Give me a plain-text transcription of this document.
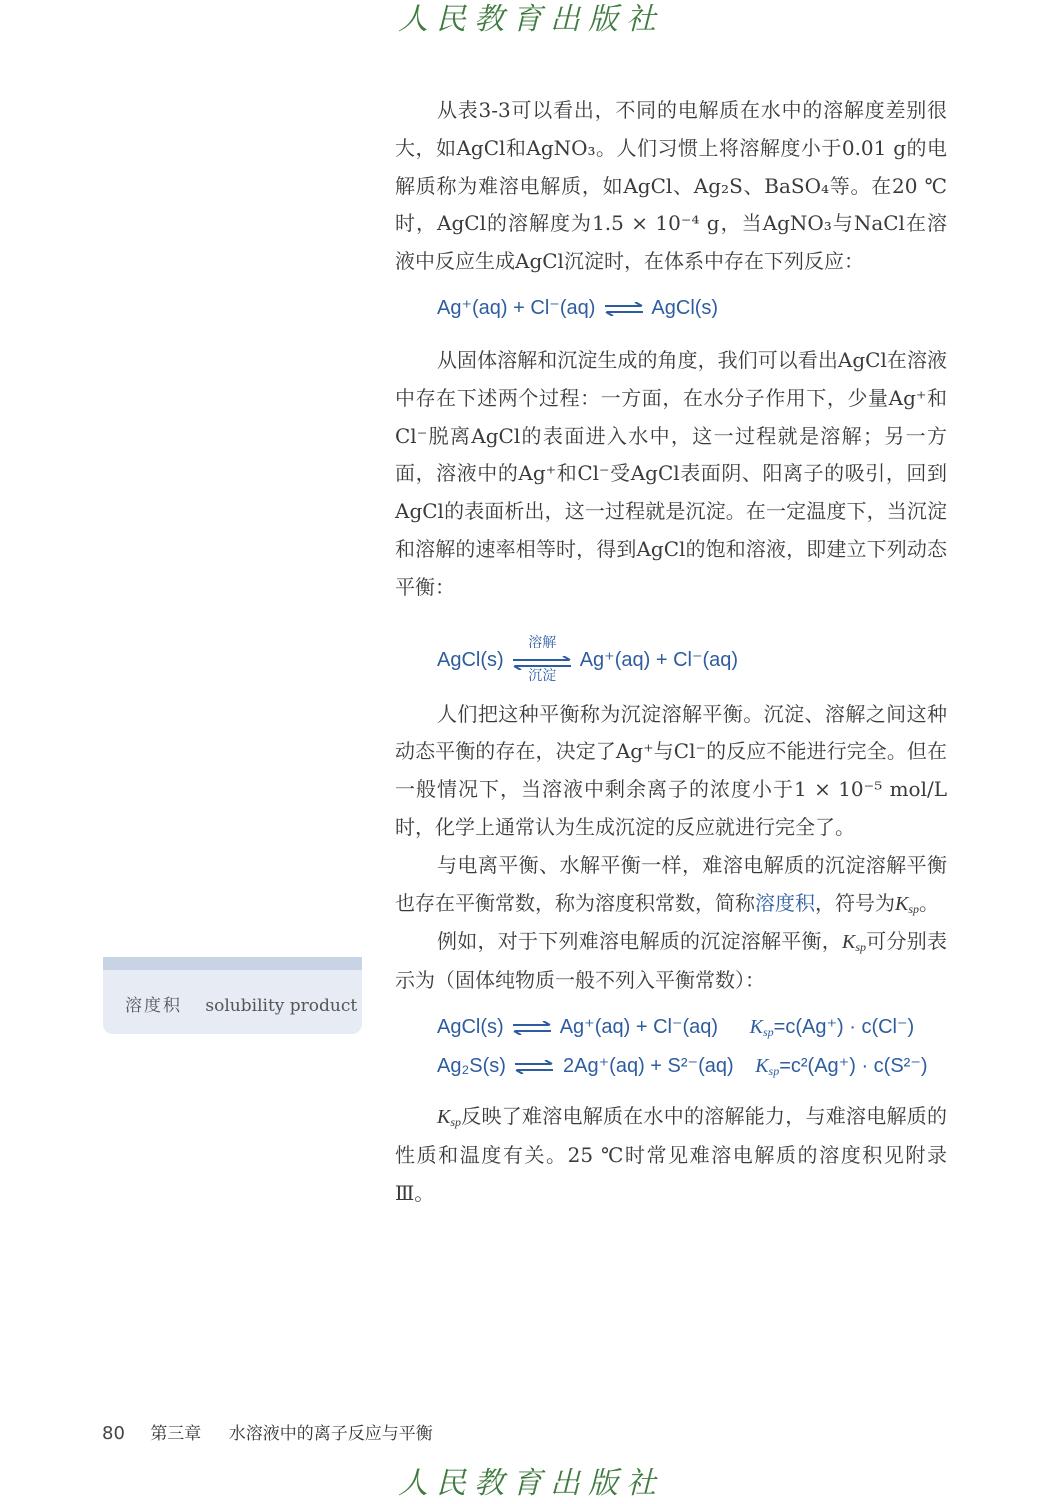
人民教育出版社

从表3-3可以看出，不同的电解质在水中的溶解度差别很大，如AgCl和AgNO₃。人们习惯上将溶解度小于0.01 g的电解质称为难溶电解质，如AgCl、Ag₂S、BaSO₄等。在20 ℃时，AgCl的溶解度为1.5 × 10⁻⁴ g，当AgNO₃与NaCl在溶液中反应生成AgCl沉淀时，在体系中存在下列反应：

Ag⁺(aq) + Cl⁻(aq) ⇌ AgCl(s)

从固体溶解和沉淀生成的角度，我们可以看出AgCl在溶液中存在下述两个过程：一方面，在水分子作用下，少量Ag⁺和Cl⁻脱离AgCl的表面进入水中，这一过程就是溶解；另一方面，溶液中的Ag⁺和Cl⁻受AgCl表面阴、阳离子的吸引，回到AgCl的表面析出，这一过程就是沉淀。在一定温度下，当沉淀和溶解的速率相等时，得到AgCl的饱和溶液，即建立下列动态平衡：

AgCl(s)
溶解
沉淀
Ag⁺(aq) + Cl⁻(aq)

人们把这种平衡称为沉淀溶解平衡。沉淀、溶解之间这种动态平衡的存在，决定了Ag⁺与Cl⁻的反应不能进行完全。但在一般情况下，当溶液中剩余离子的浓度小于1 × 10⁻⁵ mol/L时，化学上通常认为生成沉淀的反应就进行完全了。

与电离平衡、水解平衡一样，难溶电解质的沉淀溶解平衡也存在平衡常数，称为溶度积常数，简称溶度积，符号为$K_{sp}$。

例如，对于下列难溶电解质的沉淀溶解平衡，$K_{sp}$可分别表示为（固体纯物质一般不列入平衡常数）：

AgCl(s) ⇌ Ag⁺(aq) + Cl⁻(aq) $K_{sp}=c(Ag^+) \cdot c(Cl^-)$
Ag₂S(s) ⇌ 2Ag⁺(aq) + S²⁻(aq) $K_{sp}=c^2(Ag^+) \cdot c(S^{2-})$

$K_{sp}$反映了难溶电解质在水中的溶解能力，与难溶电解质的性质和温度有关。25 ℃时常见难溶电解质的溶度积见附录Ⅲ。

溶度积 solubility product
80 第三章 水溶液中的离子反应与平衡
人民教育出版社
